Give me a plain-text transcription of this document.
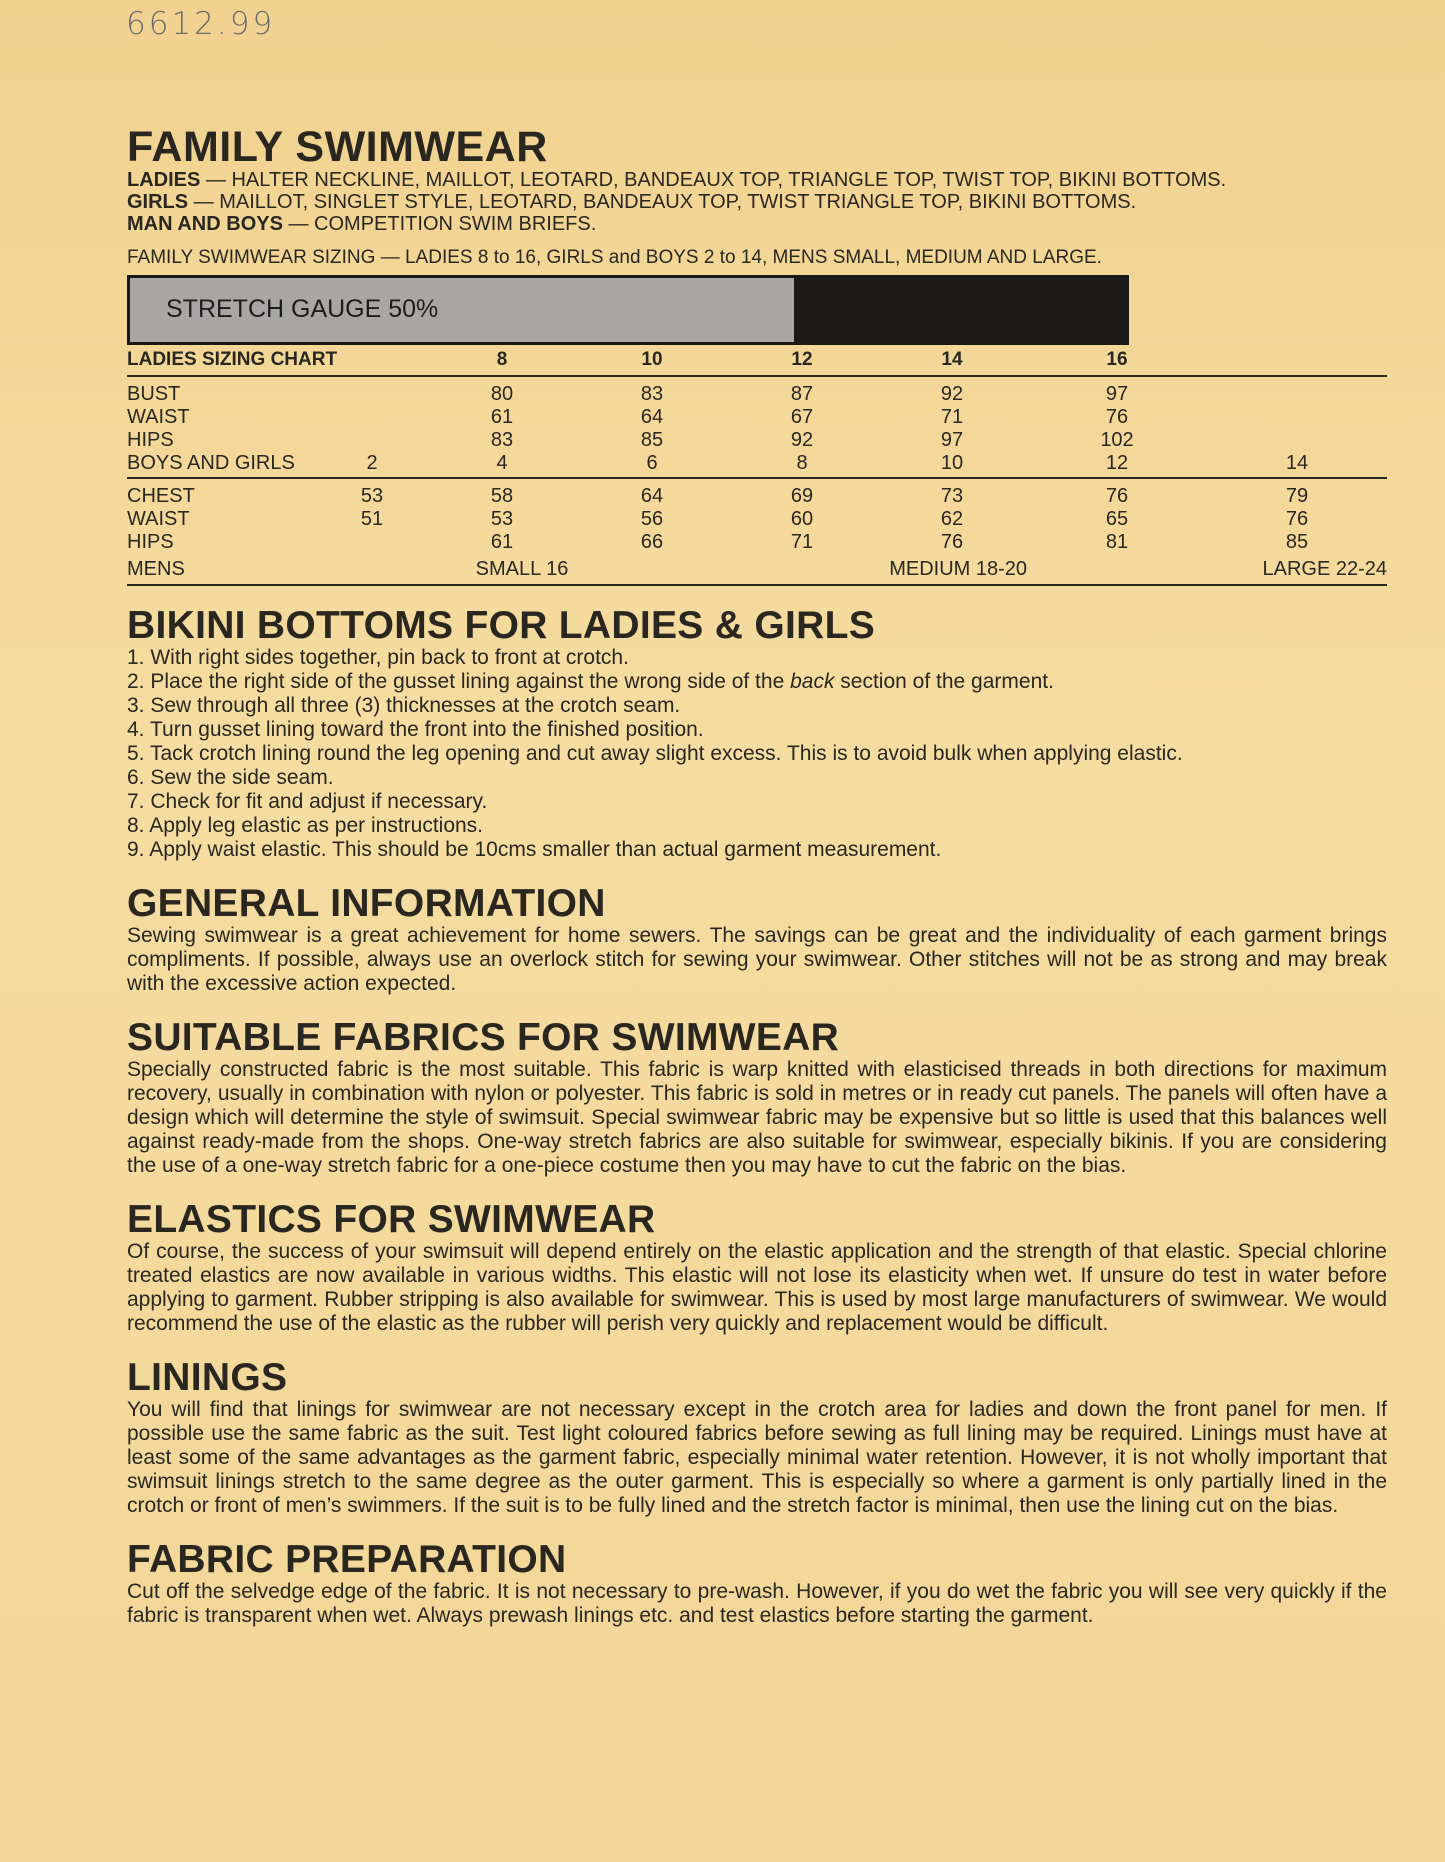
6612.99
FAMILY SWIMWEAR
LADIES — HALTER NECKLINE, MAILLOT, LEOTARD, BANDEAUX TOP, TRIANGLE TOP, TWIST TOP, BIKINI BOTTOMS.
GIRLS — MAILLOT, SINGLET STYLE, LEOTARD, BANDEAUX TOP, TWIST TRIANGLE TOP, BIKINI BOTTOMS.
MAN AND BOYS — COMPETITION SWIM BRIEFS.
FAMILY SWIMWEAR SIZING — LADIES 8 to 16, GIRLS and BOYS 2 to 14, MENS SMALL, MEDIUM AND LARGE.
STRETCH GAUGE 50%
LADIES SIZING CHART		8	10	12	14	16	
BUST		80	83	87	92	97	
WAIST		61	64	67	71	76	
HIPS		83	85	92	97	102	
BOYS AND GIRLS	2	4	6	8	10	12	14
CHEST	53	58	64	69	73	76	79
WAIST	51	53	56	60	62	65	76
HIPS		61	66	71	76	81	85
MENS	SMALL 16			MEDIUM 18-20			LARGE 22-24
BIKINI BOTTOMS FOR LADIES & GIRLS
1. With right sides together, pin back to front at crotch.
2. Place the right side of the gusset lining against the wrong side of the back section of the garment.
3. Sew through all three (3) thicknesses at the crotch seam.
4. Turn gusset lining toward the front into the finished position.
5. Tack crotch lining round the leg opening and cut away slight excess. This is to avoid bulk when applying elastic.
6. Sew the side seam.
7. Check for fit and adjust if necessary.
8. Apply leg elastic as per instructions.
9. Apply waist elastic. This should be 10cms smaller than actual garment measurement.
GENERAL INFORMATION

Sewing swimwear is a great achievement for home sewers. The savings can be great and the individuality of each garment brings compliments. If possible, always use an overlock stitch for sewing your swimwear. Other stitches will not be as strong and may break with the excessive action expected.

SUITABLE FABRICS FOR SWIMWEAR

Specially constructed fabric is the most suitable. This fabric is warp knitted with elasticised threads in both directions for maximum recovery, usually in combination with nylon or polyester. This fabric is sold in metres or in ready cut panels. The panels will often have a design which will determine the style of swimsuit. Special swimwear fabric may be expensive but so little is used that this balances well against ready-made from the shops. One-way stretch fabrics are also suitable for swimwear, especially bikinis. If you are considering the use of a one-way stretch fabric for a one-piece costume then you may have to cut the fabric on the bias.

ELASTICS FOR SWIMWEAR

Of course, the success of your swimsuit will depend entirely on the elastic application and the strength of that elastic. Special chlorine treated elastics are now available in various widths. This elastic will not lose its elasticity when wet. If unsure do test in water before applying to garment. Rubber stripping is also available for swimwear. This is used by most large manufacturers of swimwear. We would recommend the use of the elastic as the rubber will perish very quickly and replacement would be difficult.

LININGS

You will find that linings for swimwear are not necessary except in the crotch area for ladies and down the front panel for men. If possible use the same fabric as the suit. Test light coloured fabrics before sewing as full lining may be required. Linings must have at least some of the same advantages as the garment fabric, especially minimal water retention. However, it is not wholly important that swimsuit linings stretch to the same degree as the outer garment. This is especially so where a garment is only partially lined in the crotch or front of men’s swimmers. If the suit is to be fully lined and the stretch factor is minimal, then use the lining cut on the bias.

FABRIC PREPARATION

Cut off the selvedge edge of the fabric. It is not necessary to pre-wash. However, if you do wet the fabric you will see very quickly if the fabric is transparent when wet. Always prewash linings etc. and test elastics before starting the garment.
